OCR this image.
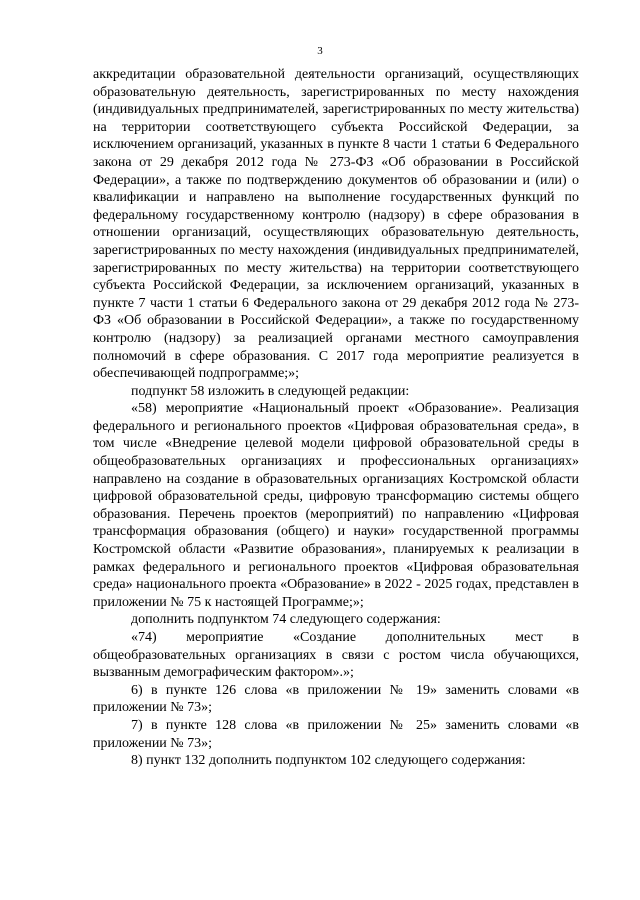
3

аккредитации образовательной деятельности организаций, осуществляющих образовательную деятельность, зарегистрированных по месту нахождения (индивидуальных предпринимателей, зарегистрированных по месту жительства) на территории соответствующего субъекта Российской Федерации, за исключением организаций, указанных в пункте 8 части 1 статьи 6 Федерального закона от 29 декабря 2012 года № 273-ФЗ «Об образовании в Российской Федерации», а также по подтверждению документов об образовании и (или) о квалификации и направлено на выполнение государственных функций по федеральному государственному контролю (надзору) в сфере образования в отношении организаций, осуществляющих образовательную деятельность, зарегистрированных по месту нахождения (индивидуальных предпринимателей, зарегистрированных по месту жительства) на территории соответствующего субъекта Российской Федерации, за исключением организаций, указанных в пункте 7 части 1 статьи 6 Федерального закона от 29 декабря 2012 года № 273-ФЗ «Об образовании в Российской Федерации», а также по государственному контролю (надзору) за реализацией органами местного самоуправления полномочий в сфере образования. С 2017 года мероприятие реализуется в обеспечивающей подпрограмме;»;

подпункт 58 изложить в следующей редакции:

«58) мероприятие «Национальный проект «Образование». Реализация федерального и регионального проектов «Цифровая образовательная среда», в том числе «Внедрение целевой модели цифровой образовательной среды в общеобразовательных организациях и профессиональных организациях» направлено на создание в образовательных организациях Костромской области цифровой образовательной среды, цифровую трансформацию системы общего образования. Перечень проектов (мероприятий) по направлению «Цифровая трансформация образования (общего) и науки» государственной программы Костромской области «Развитие образования», планируемых к реализации в рамках федерального и регионального проектов «Цифровая образовательная среда» национального проекта «Образование» в 2022 - 2025 годах, представлен в приложении № 75 к настоящей Программе;»;

дополнить подпунктом 74 следующего содержания:

«74) мероприятие «Создание дополнительных мест в общеобразовательных организациях в связи с ростом числа обучающихся, вызванным демографическим фактором».»;

6) в пункте 126 слова «в приложении № 19» заменить словами «в приложении № 73»;

7) в пункте 128 слова «в приложении № 25» заменить словами «в приложении № 73»;

8) пункт 132 дополнить подпунктом 102 следующего содержания:
